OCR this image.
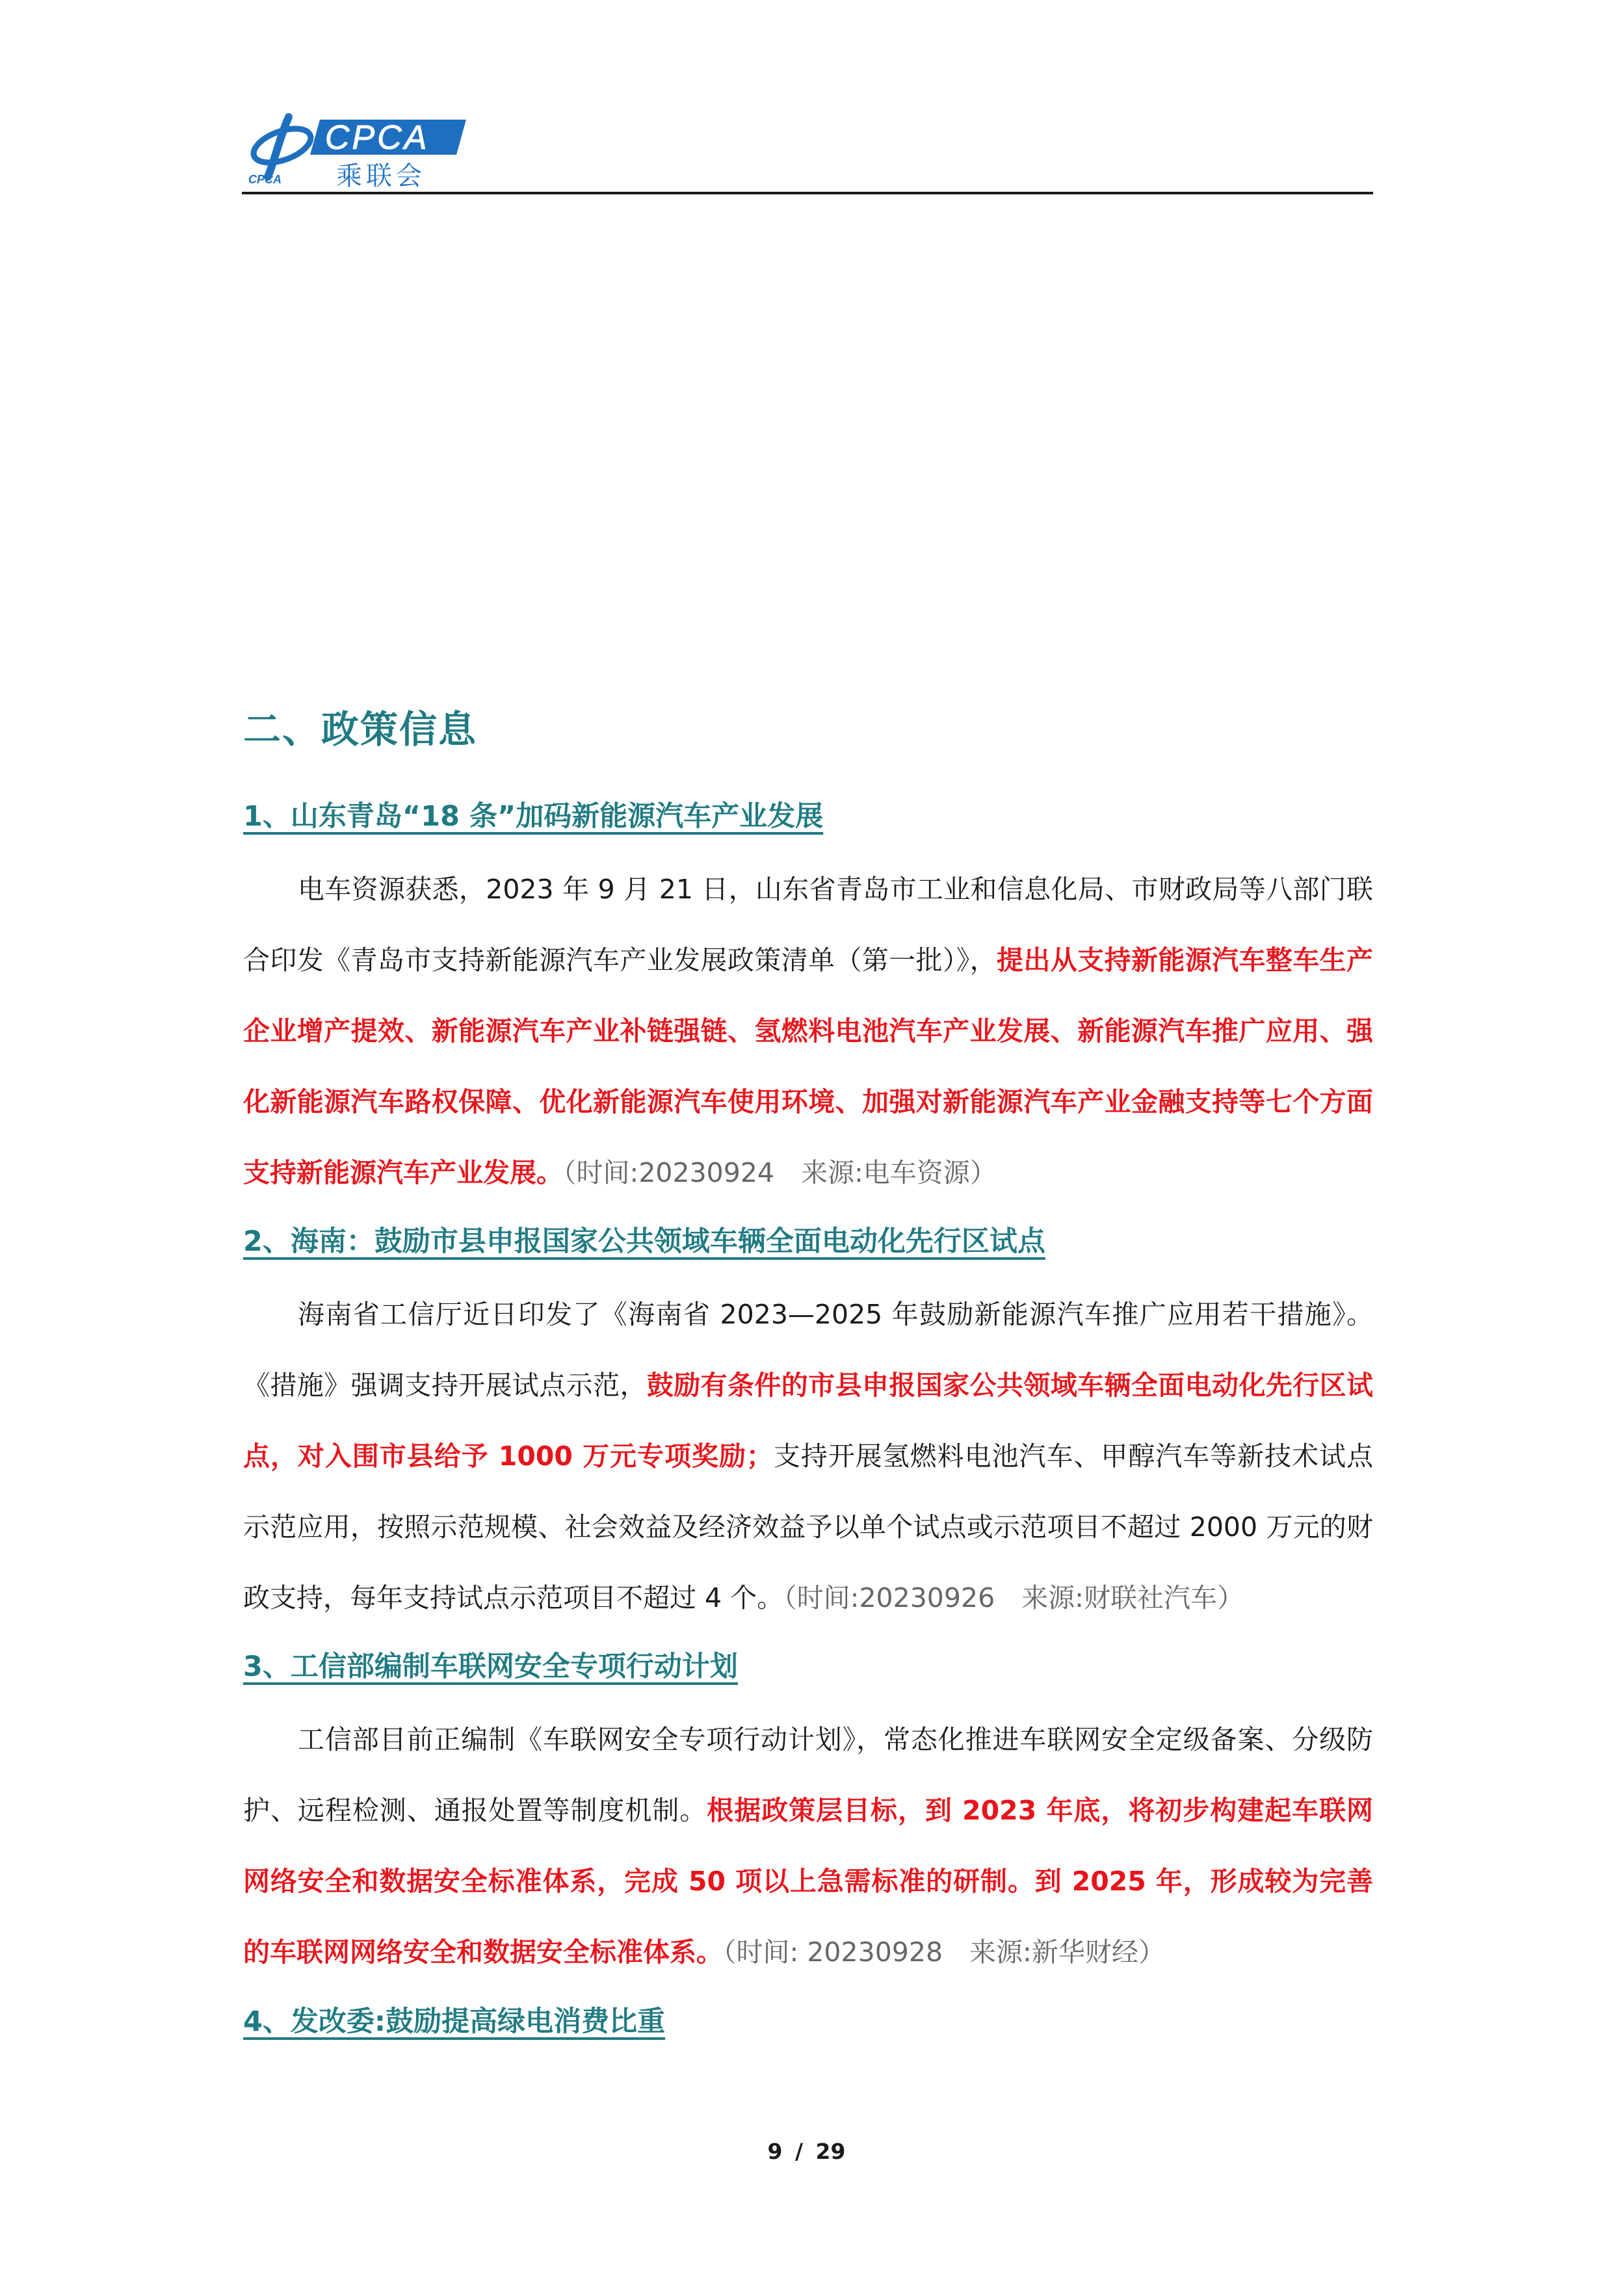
CPCA
CPCA
乘联会
二、政策信息
1、山东青岛“18 条”加码新能源汽车产业发展

电车资源获悉，2023 年 9 月 21 日，山东省青岛市工业和信息化局、市财政局等八部门联合印发《青岛市支持新能源汽车产业发展政策清单（第一批）》，提出从支持新能源汽车整车生产企业增产提效、新能源汽车产业补链强链、氢燃料电池汽车产业发展、新能源汽车推广应用、强化新能源汽车路权保障、优化新能源汽车使用环境、加强对新能源汽车产业金融支持等七个方面支持新能源汽车产业发展。（时间:20230924　来源:电车资源）

2、海南：鼓励市县申报国家公共领域车辆全面电动化先行区试点

海南省工信厅近日印发了《海南省 2023—2025 年鼓励新能源汽车推广应用若干措施》。《措施》强调支持开展试点示范，鼓励有条件的市县申报国家公共领域车辆全面电动化先行区试点，对入围市县给予 1000 万元专项奖励；支持开展氢燃料电池汽车、甲醇汽车等新技术试点示范应用，按照示范规模、社会效益及经济效益予以单个试点或示范项目不超过 2000 万元的财政支持，每年支持试点示范项目不超过 4 个。（时间:20230926　来源:财联社汽车）

3、工信部编制车联网安全专项行动计划

工信部目前正编制《车联网安全专项行动计划》，常态化推进车联网安全定级备案、分级防护、远程检测、通报处置等制度机制。根据政策层目标，到 2023 年底，将初步构建起车联网网络安全和数据安全标准体系，完成 50 项以上急需标准的研制。到 2025 年，形成较为完善的车联网网络安全和数据安全标准体系。（时间: 20230928　来源:新华财经）

4、发改委:鼓励提高绿电消费比重
9 / 29
